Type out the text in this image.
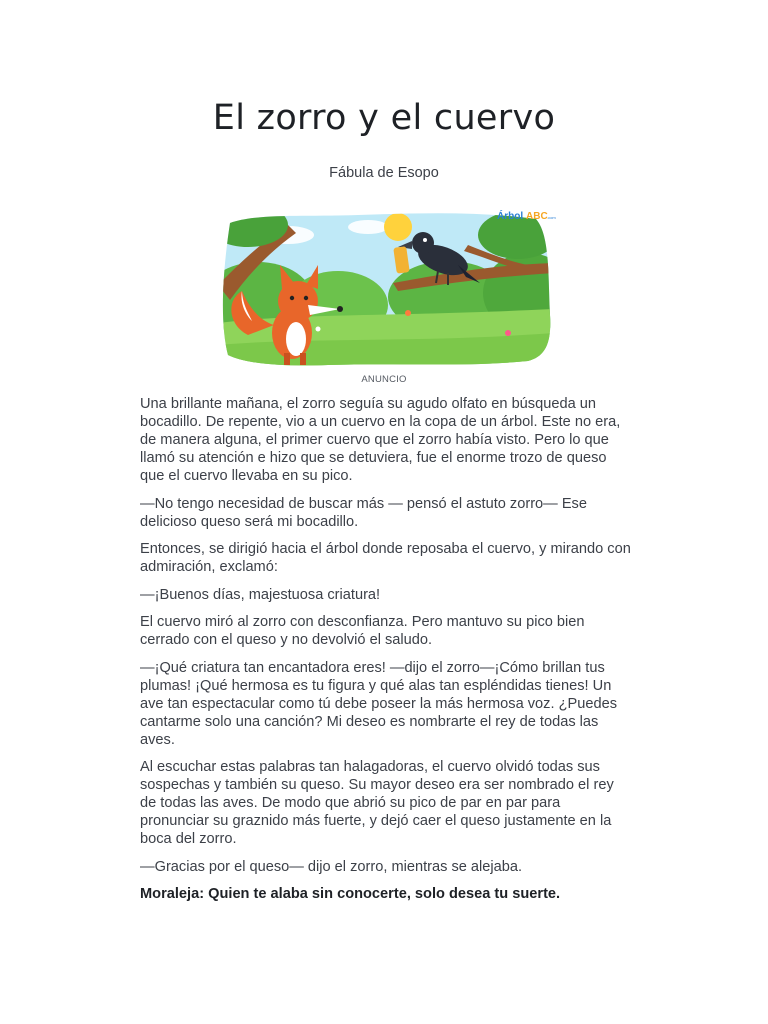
El zorro y el cuervo
Fábula de Esopo
Árbol ABC .com
ANUNCIO

Una brillante mañana, el zorro seguía su agudo olfato en búsqueda un bocadillo. De repente, vio a un cuervo en la copa de un árbol. Este no era, de manera alguna, el primer cuervo que el zorro había visto. Pero lo que llamó su atención e hizo que se detuviera, fue el enorme trozo de queso que el cuervo llevaba en su pico.

—No tengo necesidad de buscar más — pensó el astuto zorro— Ese delicioso queso será mi bocadillo.

Entonces, se dirigió hacia el árbol donde reposaba el cuervo, y mirando con admiración, exclamó:

—¡Buenos días, majestuosa criatura!

El cuervo miró al zorro con desconfianza. Pero mantuvo su pico bien cerrado con el queso y no devolvió el saludo.

—¡Qué criatura tan encantadora eres! —dijo el zorro—¡Cómo brillan tus plumas! ¡Qué hermosa es tu figura y qué alas tan espléndidas tienes! Un ave tan espectacular como tú debe poseer la más hermosa voz. ¿Puedes cantarme solo una canción? Mi deseo es nombrarte el rey de todas las aves.

Al escuchar estas palabras tan halagadoras, el cuervo olvidó todas sus sospechas y también su queso. Su mayor deseo era ser nombrado el rey de todas las aves. De modo que abrió su pico de par en par para pronunciar su graznido más fuerte, y dejó caer el queso justamente en la boca del zorro.

—Gracias por el queso— dijo el zorro, mientras se alejaba.

Moraleja: Quien te alaba sin conocerte, solo desea tu suerte.
